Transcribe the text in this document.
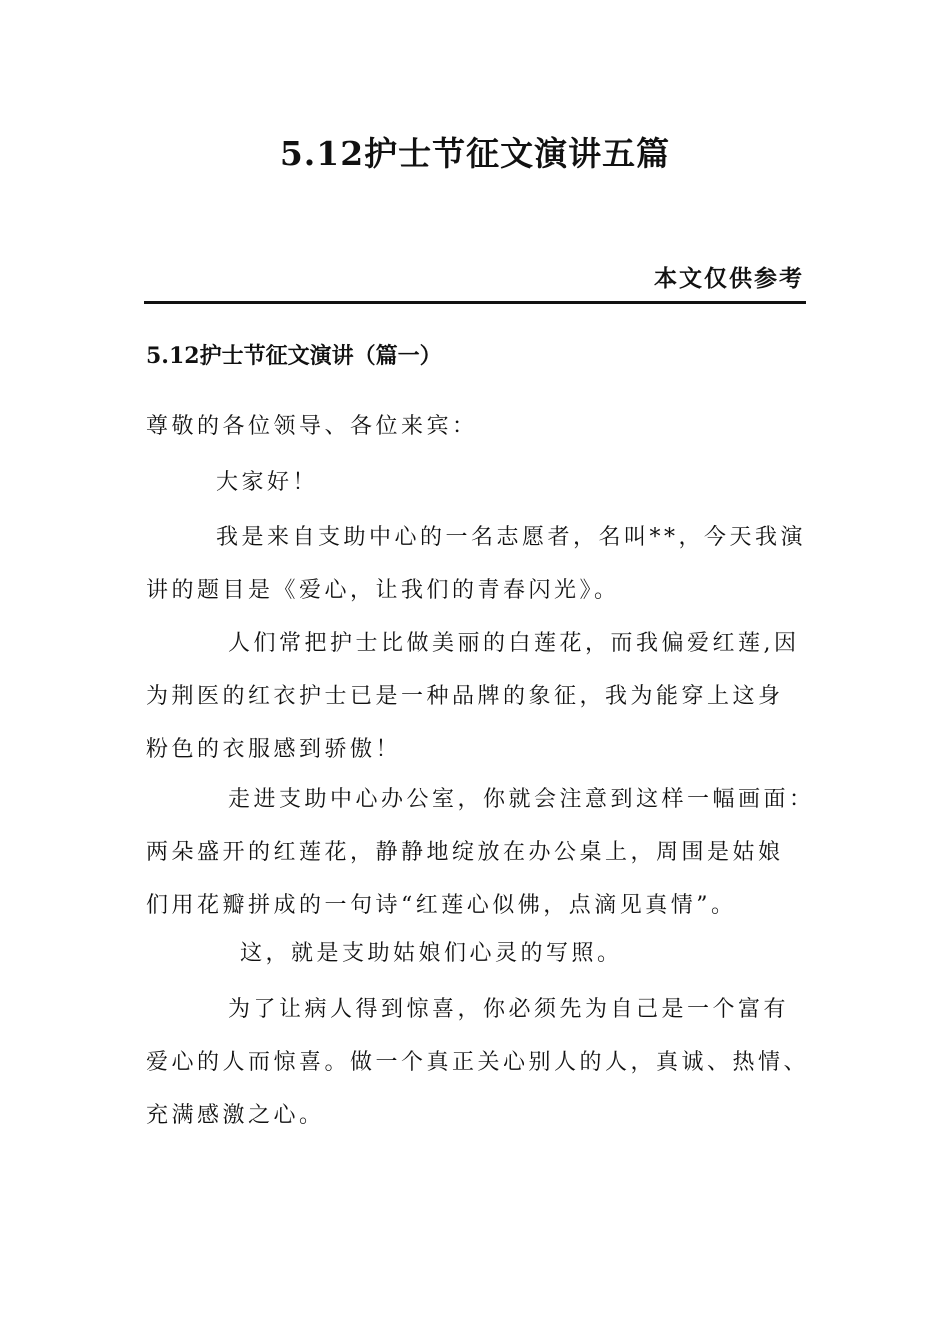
5.12护士节征文演讲五篇
本文仅供参考
5.12护士节征文演讲（篇一）

尊敬的各位领导、各位来宾：

大家好！

我是来自支助中心的一名志愿者，名叫**，今天我演
讲的题目是《爱心，让我们的青春闪光》。

人们常把护士比做美丽的白莲花，而我偏爱红莲,因
为荆医的红衣护士已是一种品牌的象征，我为能穿上这身
粉色的衣服感到骄傲！

走进支助中心办公室，你就会注意到这样一幅画面：
两朵盛开的红莲花，静静地绽放在办公桌上，周围是姑娘
们用花瓣拼成的一句诗“红莲心似佛，点滴见真情”。

这，就是支助姑娘们心灵的写照。

为了让病人得到惊喜，你必须先为自己是一个富有
爱心的人而惊喜。做一个真正关心别人的人，真诚、热情、
充满感激之心。
